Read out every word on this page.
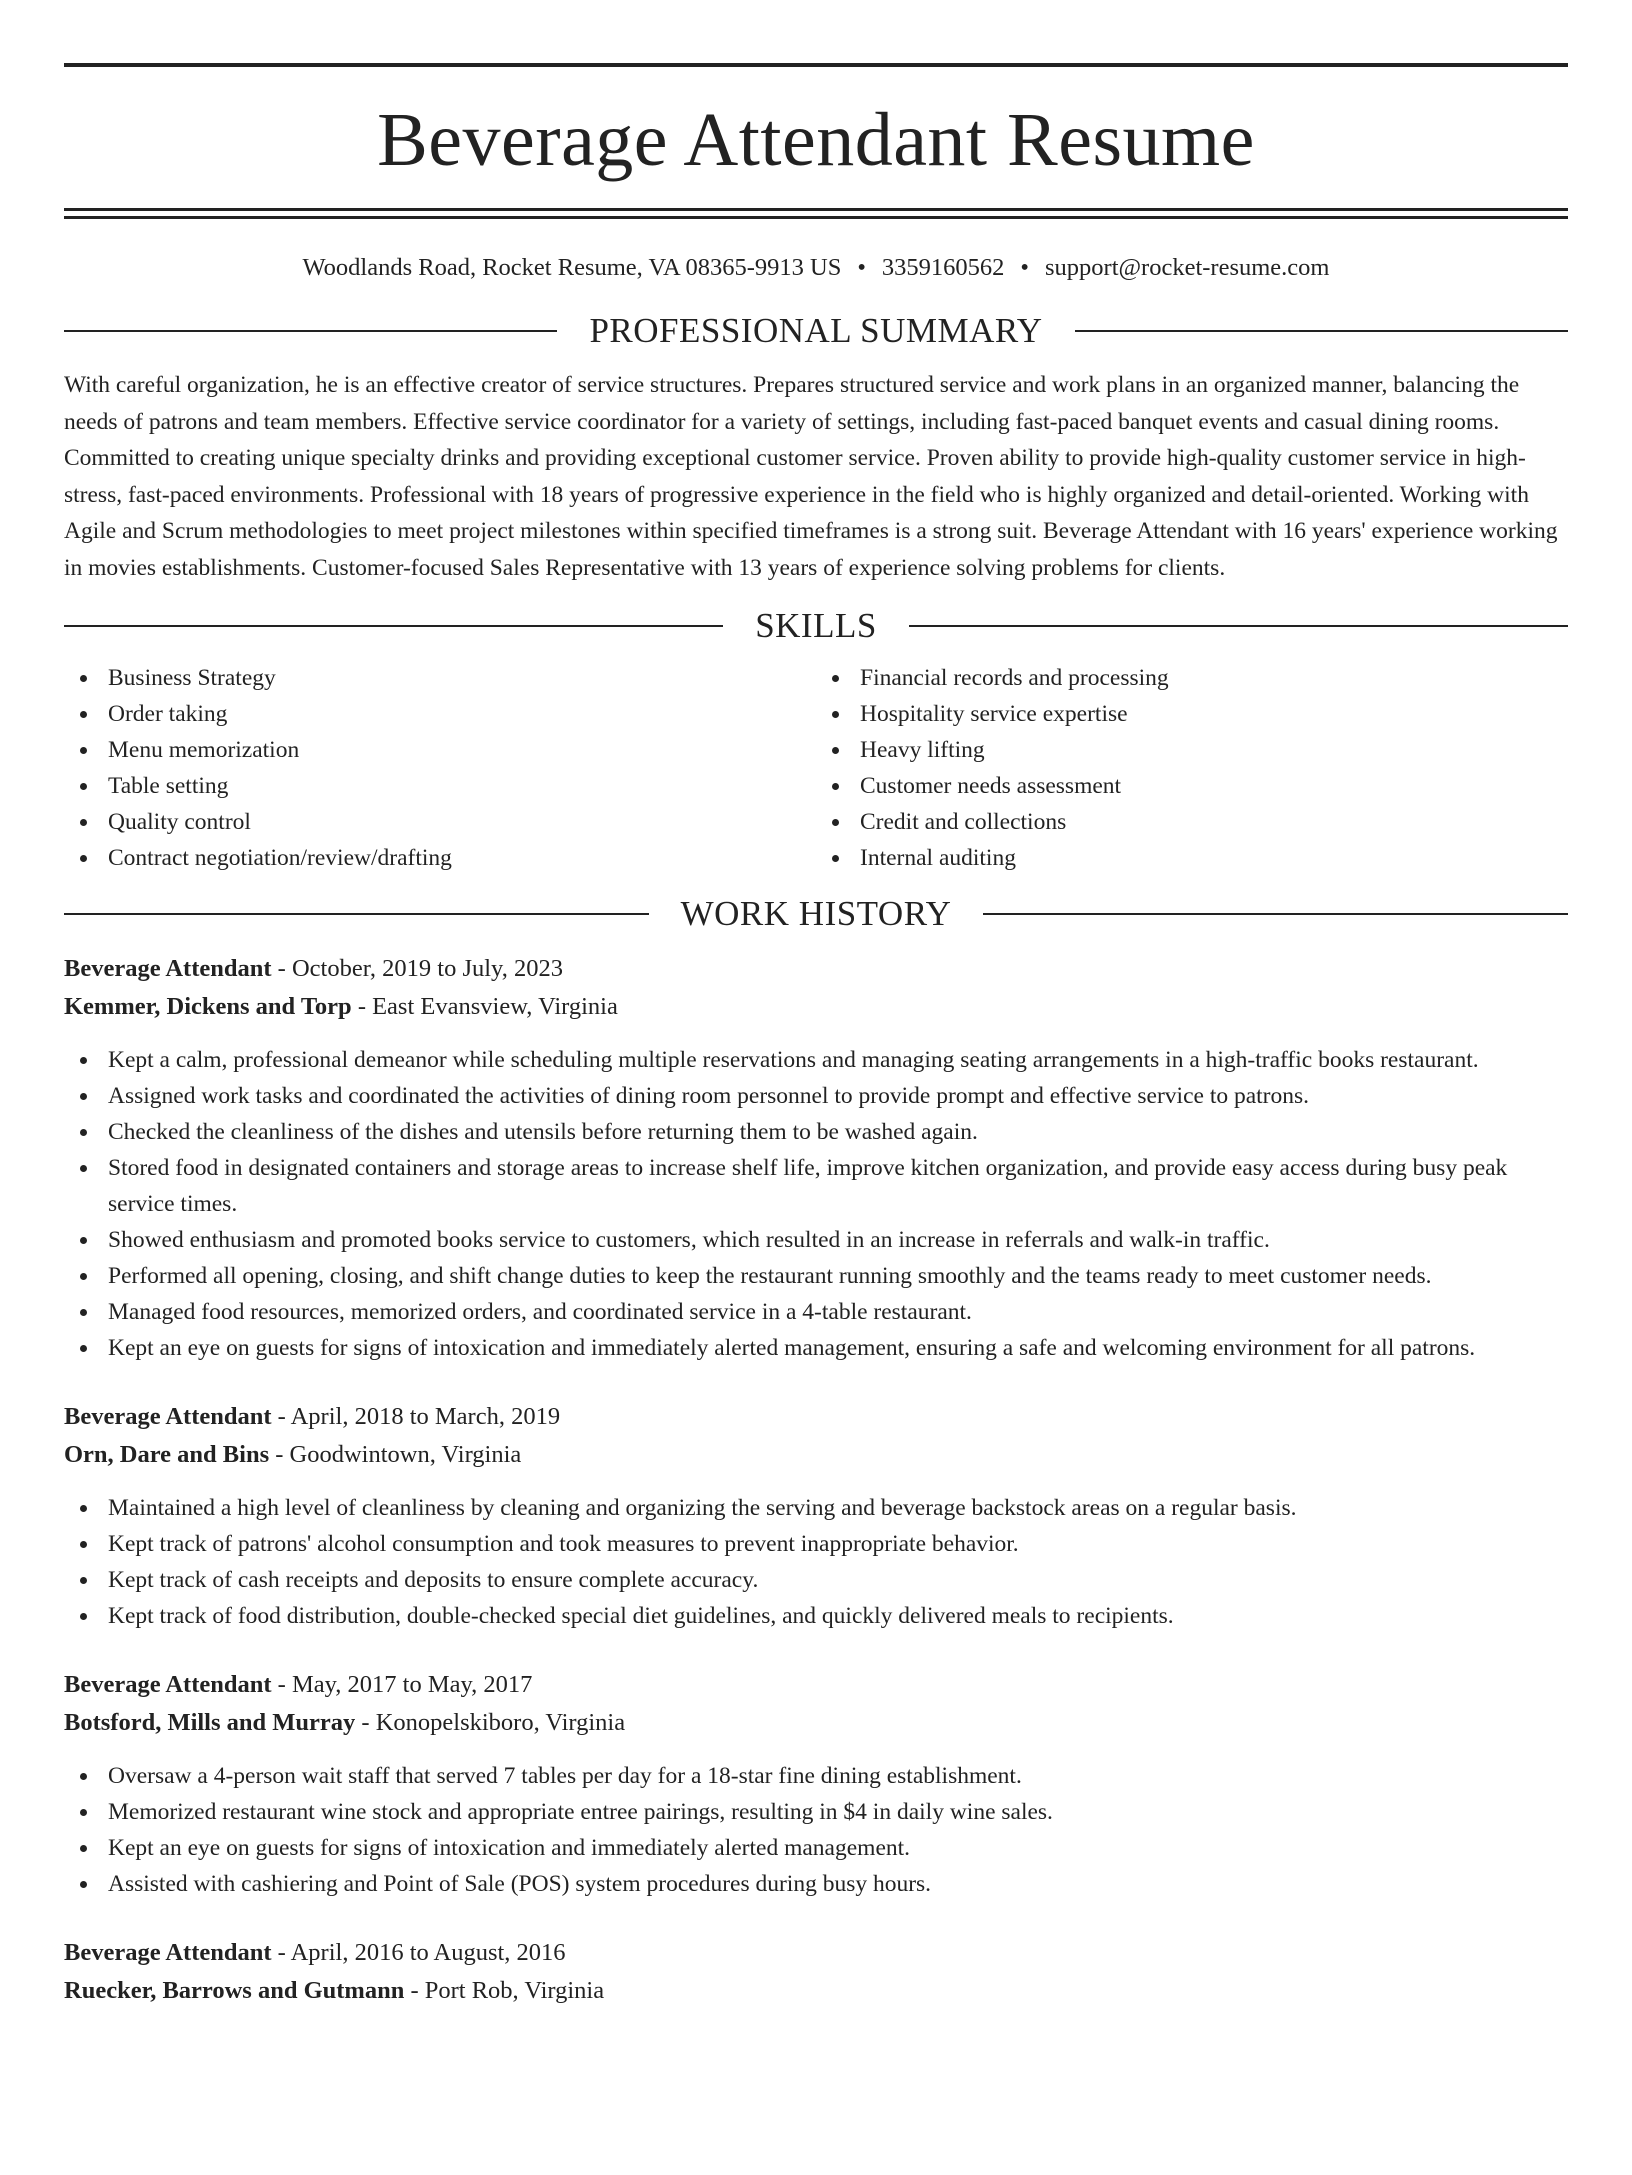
Beverage Attendant Resume
Woodlands Road, Rocket Resume, VA 08365-9913 US • 3359160562 • support@rocket-resume.com
PROFESSIONAL SUMMARY

With careful organization, he is an effective creator of service structures. Prepares structured service and work plans in an organized manner, balancing the needs of patrons and team members. Effective service coordinator for a variety of settings, including fast-paced banquet events and casual dining rooms. Committed to creating unique specialty drinks and providing exceptional customer service. Proven ability to provide high-quality customer service in high-stress, fast-paced environments. Professional with 18 years of progressive experience in the field who is highly organized and detail-oriented. Working with Agile and Scrum methodologies to meet project milestones within specified timeframes is a strong suit. Beverage Attendant with 16 years' experience working in movies establishments. Customer-focused Sales Representative with 13 years of experience solving problems for clients.

SKILLS
Business Strategy
Order taking
Menu memorization
Table setting
Quality control
Contract negotiation/review/drafting
Financial records and processing
Hospitality service expertise
Heavy lifting
Customer needs assessment
Credit and collections
Internal auditing
WORK HISTORY
Beverage Attendant - October, 2019 to July, 2023
Kemmer, Dickens and Torp - East Evansview, Virginia
Kept a calm, professional demeanor while scheduling multiple reservations and managing seating arrangements in a high-traffic books restaurant.
Assigned work tasks and coordinated the activities of dining room personnel to provide prompt and effective service to patrons.
Checked the cleanliness of the dishes and utensils before returning them to be washed again.
Stored food in designated containers and storage areas to increase shelf life, improve kitchen organization, and provide easy access during busy peak service times.
Showed enthusiasm and promoted books service to customers, which resulted in an increase in referrals and walk-in traffic.
Performed all opening, closing, and shift change duties to keep the restaurant running smoothly and the teams ready to meet customer needs.
Managed food resources, memorized orders, and coordinated service in a 4-table restaurant.
Kept an eye on guests for signs of intoxication and immediately alerted management, ensuring a safe and welcoming environment for all patrons.
Beverage Attendant - April, 2018 to March, 2019
Orn, Dare and Bins - Goodwintown, Virginia
Maintained a high level of cleanliness by cleaning and organizing the serving and beverage backstock areas on a regular basis.
Kept track of patrons' alcohol consumption and took measures to prevent inappropriate behavior.
Kept track of cash receipts and deposits to ensure complete accuracy.
Kept track of food distribution, double-checked special diet guidelines, and quickly delivered meals to recipients.
Beverage Attendant - May, 2017 to May, 2017
Botsford, Mills and Murray - Konopelskiboro, Virginia
Oversaw a 4-person wait staff that served 7 tables per day for a 18-star fine dining establishment.
Memorized restaurant wine stock and appropriate entree pairings, resulting in $4 in daily wine sales.
Kept an eye on guests for signs of intoxication and immediately alerted management.
Assisted with cashiering and Point of Sale (POS) system procedures during busy hours.
Beverage Attendant - April, 2016 to August, 2016
Ruecker, Barrows and Gutmann - Port Rob, Virginia
